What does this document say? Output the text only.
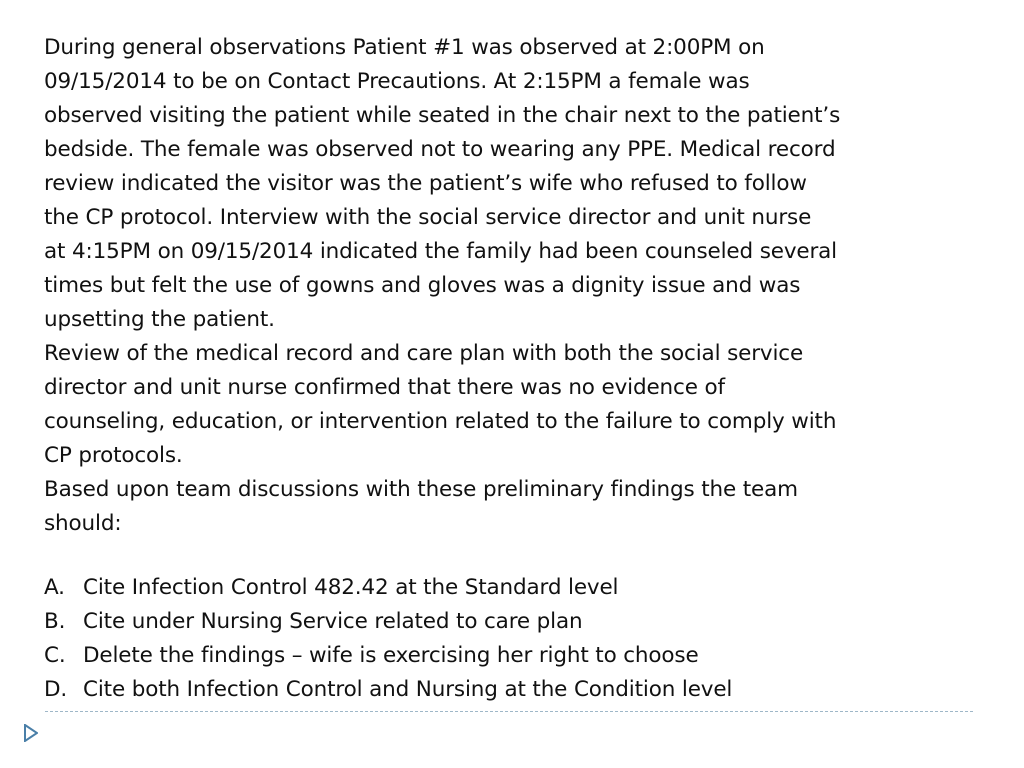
During general observations Patient #1 was observed at 2:00PM on
09/15/2014 to be on Contact Precautions. At 2:15PM a female was
observed visiting the patient while seated in the chair next to the patient’s
bedside. The female was observed not to wearing any PPE. Medical record
review indicated the visitor was the patient’s wife who refused to follow
the CP protocol. Interview with the social service director and unit nurse
at 4:15PM on 09/15/2014 indicated the family had been counseled several
times but felt the use of gowns and gloves was a dignity issue and was
upsetting the patient.
Review of the medical record and care plan with both the social service
director and unit nurse confirmed that there was no evidence of
counseling, education, or intervention related to the failure to comply with
CP protocols.
Based upon team discussions with these preliminary findings the team
should:
A. Cite Infection Control 482.42 at the Standard level
B. Cite under Nursing Service related to care plan
C. Delete the findings – wife is exercising her right to choose
D. Cite both Infection Control and Nursing at the Condition level
